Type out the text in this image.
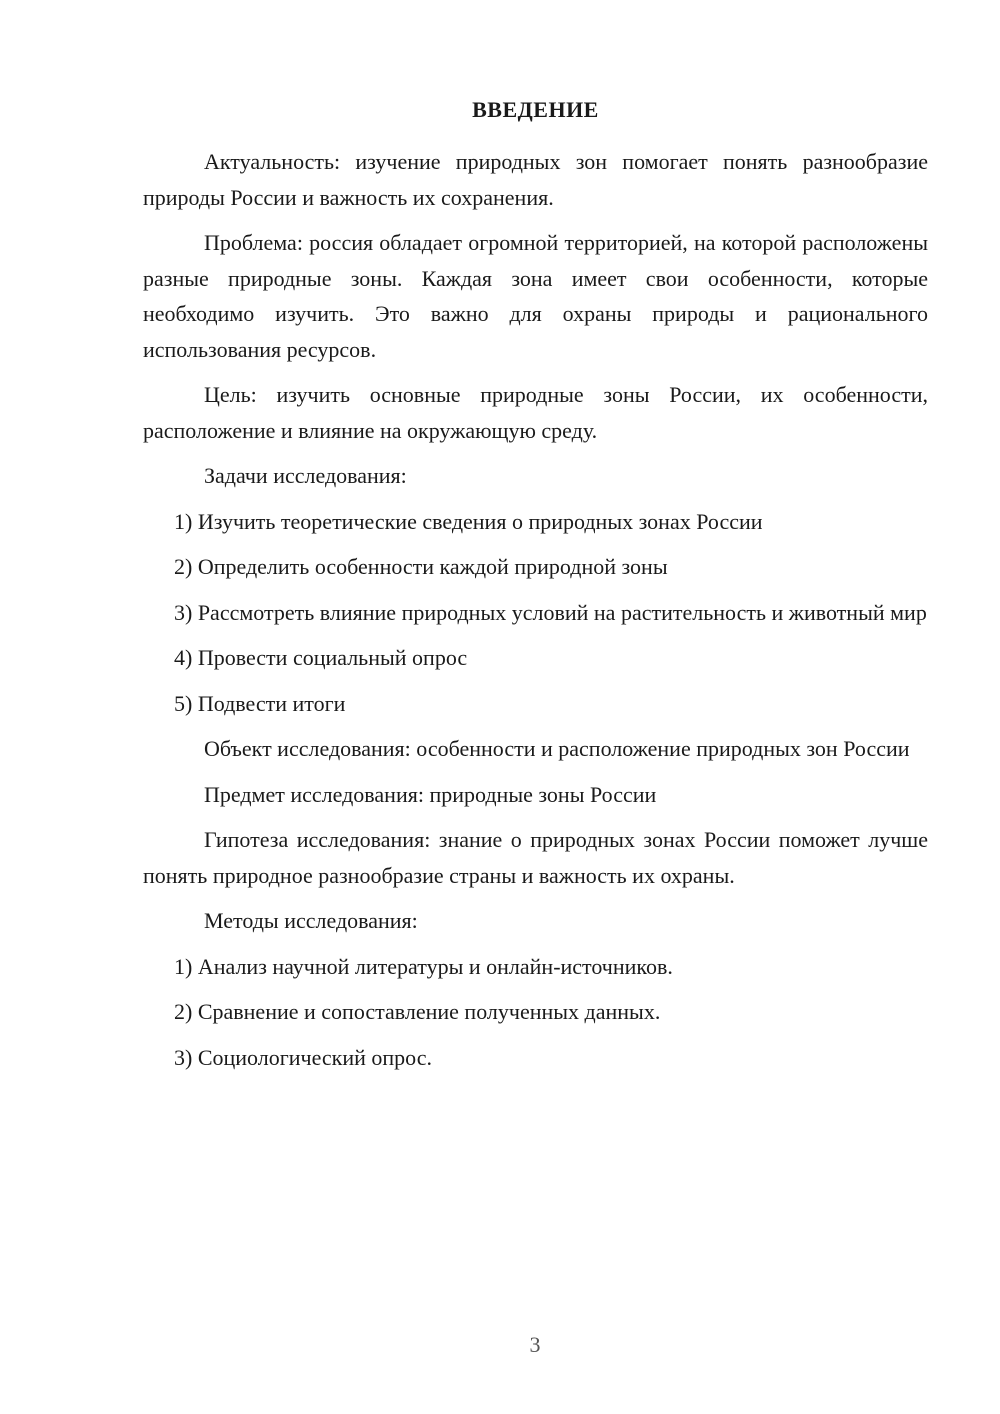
ВВЕДЕНИЕ

Актуальность: изучение природных зон помогает понять разнообразие природы России и важность их сохранения.

Проблема: россия обладает огромной территорией, на которой расположены разные природные зоны. Каждая зона имеет свои особенности, которые необходимо изучить. Это важно для охраны природы и рационального использования ресурсов.

Цель: изучить основные природные зоны России, их особенности, расположение и влияние на окружающую среду.

Задачи исследования:

1) Изучить теоретические сведения о природных зонах России

2) Определить особенности каждой природной зоны

3) Рассмотреть влияние природных условий на растительность и животный мир

4) Провести социальный опрос

5) Подвести итоги

Объект исследования: особенности и расположение природных зон России

Предмет исследования: природные зоны России

Гипотеза исследования: знание о природных зонах России поможет лучше понять природное разнообразие страны и важность их охраны.

Методы исследования:

1) Анализ научной литературы и онлайн-источников.

2) Сравнение и сопоставление полученных данных.

3) Социологический опрос.

3
